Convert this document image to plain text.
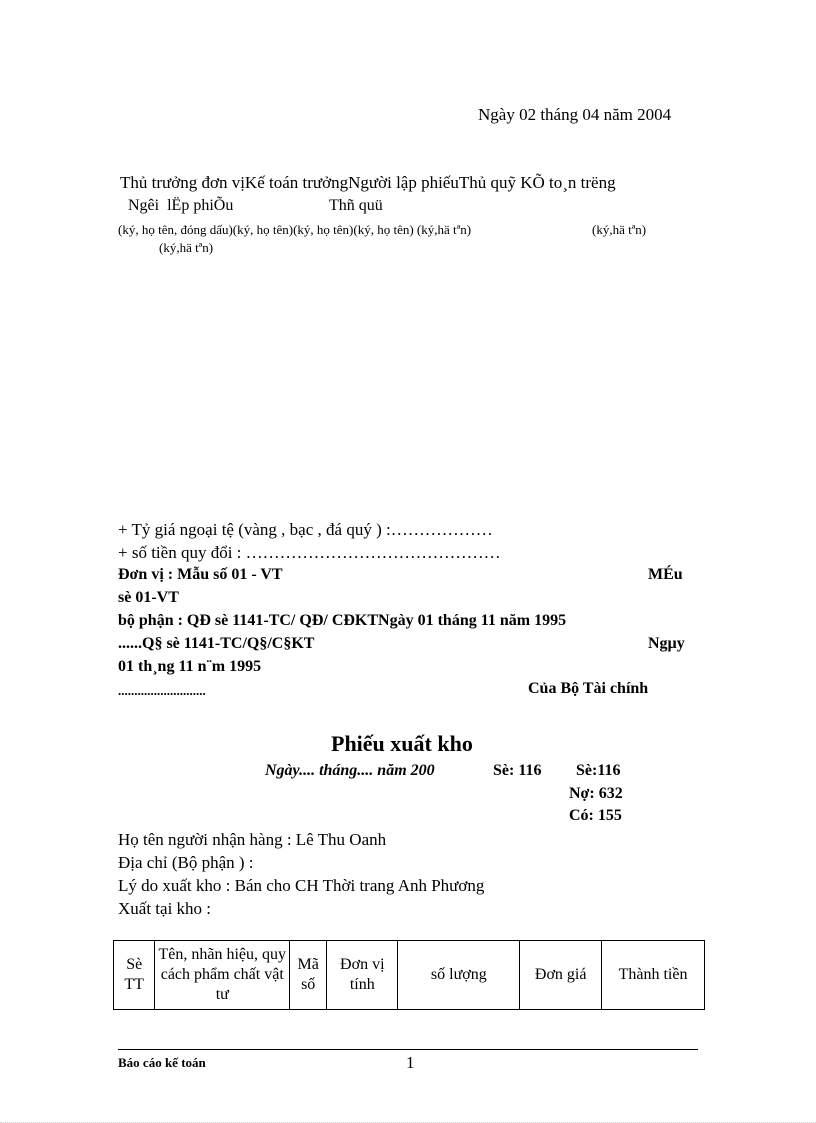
Ngày 02 tháng 04 năm 2004
Thủ trưởng đơn vịKế toán trưởngNgười lập phiếuThủ quỹ KÕ to¸n trëng
Ngêi  lËp phiÕu                        Thñ quü
(ký, họ tên, đóng dấu)(ký, họ tên)(ký, họ tên)(ký, họ tên) (ký,hä tªn)	(ký,hä tªn)
(ký,hä tªn)
+ Tỷ giá ngoại tệ (vàng , bạc , đá quý ) :………………
+ số tiền quy đổi : ………………………………………
Đơn vị : Mẫu số 01 - VT	MÉu
sè 01-VT
bộ phận : QĐ sè 1141-TC/ QĐ/ CĐKTNgày 01 tháng 11 năm 1995
......Q§ sè 1141-TC/Q§/C§KT	Ngµy
01 th¸ng 11 n¨m 1995
...........................	Của Bộ Tài chính
Phiếu xuất kho
Ngày.... tháng.... năm 200	Sè: 116 Sè:116
Nợ: 632
Có: 155
Họ tên người nhận hàng : Lê Thu Oanh
Địa chỉ (Bộ phận ) :
Lý do xuất kho : Bán cho CH Thời trang Anh Phương
Xuất tại kho :
Sè TT	Tên, nhãn hiệu, quy cách phẩm chất vật tư	Mã số	Đơn vị tính	số lượng	Đơn giá	Thành tiền
Báo cáo kế toán	1
